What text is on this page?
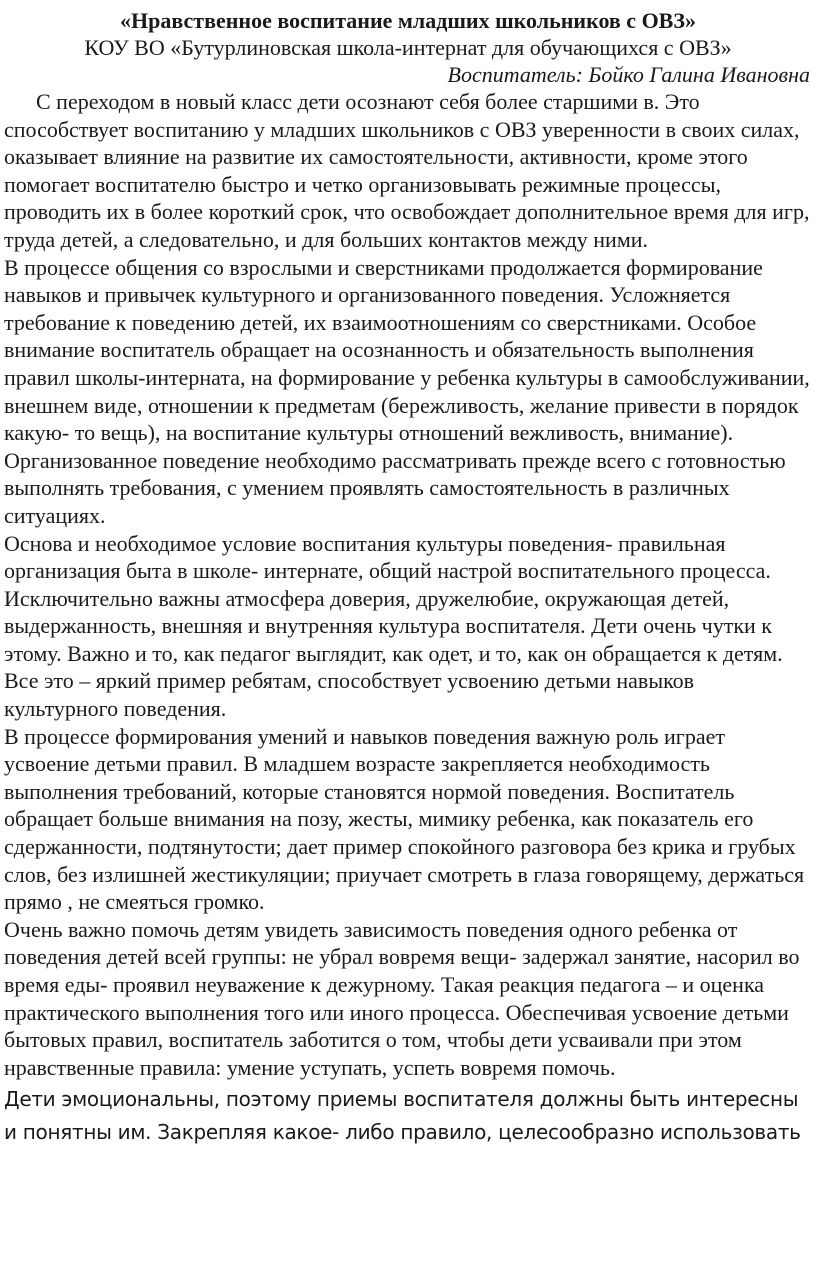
«Нравственное воспитание младших школьников с ОВЗ»

КОУ ВО «Бутурлиновская школа-интернат для обучающихся с ОВЗ»

Воспитатель: Бойко Галина Ивановна

С переходом в новый класс дети осознают себя более старшими в. Это способствует воспитанию у младших школьников с ОВЗ уверенности в своих силах, оказывает влияние на развитие их самостоятельности, активности, кроме этого помогает воспитателю быстро и четко организовывать режимные процессы, проводить их в более короткий срок, что освобождает дополнительное время для игр, труда детей, а следовательно, и для больших контактов между ними.

В процессе общения со взрослыми и сверстниками продолжается формирование навыков и привычек культурного и организованного поведения. Усложняется требование к поведению детей, их взаимоотношениям со сверстниками. Особое внимание воспитатель обращает на осознанность и обязательность выполнения правил школы-интерната, на формирование у ребенка культуры в самообслуживании, внешнем виде, отношении к предметам (бережливость, желание привести в порядок какую- то вещь), на воспитание культуры отношений вежливость, внимание).

Организованное поведение необходимо рассматривать прежде всего с готовностью выполнять требования, с умением проявлять самостоятельность в различных ситуациях.

Основа и необходимое условие воспитания культуры поведения- правильная организация быта в школе- интернате, общий настрой воспитательного процесса. Исключительно важны атмосфера доверия, дружелюбие, окружающая детей, выдержанность, внешняя и внутренняя культура воспитателя. Дети очень чутки к этому. Важно и то, как педагог выглядит, как одет, и то, как он обращается к детям. Все это – яркий пример ребятам, способствует усвоению детьми навыков культурного поведения.

В процессе формирования умений и навыков поведения важную роль играет усвоение детьми правил. В младшем возрасте закрепляется необходимость выполнения требований, которые становятся нормой поведения. Воспитатель обращает больше внимания на позу, жесты, мимику ребенка, как показатель его сдержанности, подтянутости; дает пример спокойного разговора без крика и грубых слов, без излишней жестикуляции; приучает смотреть в глаза говорящему, держаться прямо , не смеяться громко.

Очень важно помочь детям увидеть зависимость поведения одного ребенка от поведения детей всей группы: не убрал вовремя вещи- задержал занятие, насорил во время еды- проявил неуважение к дежурному. Такая реакция педагога – и оценка практического выполнения того или иного процесса. Обеспечивая усвоение детьми бытовых правил, воспитатель заботится о том, чтобы дети усваивали при этом нравственные правила: умение уступать, успеть вовремя помочь.

Дети эмоциональны, поэтому приемы воспитателя должны быть интересны и понятны им. Закрепляя какое- либо правило, целесообразно использовать
